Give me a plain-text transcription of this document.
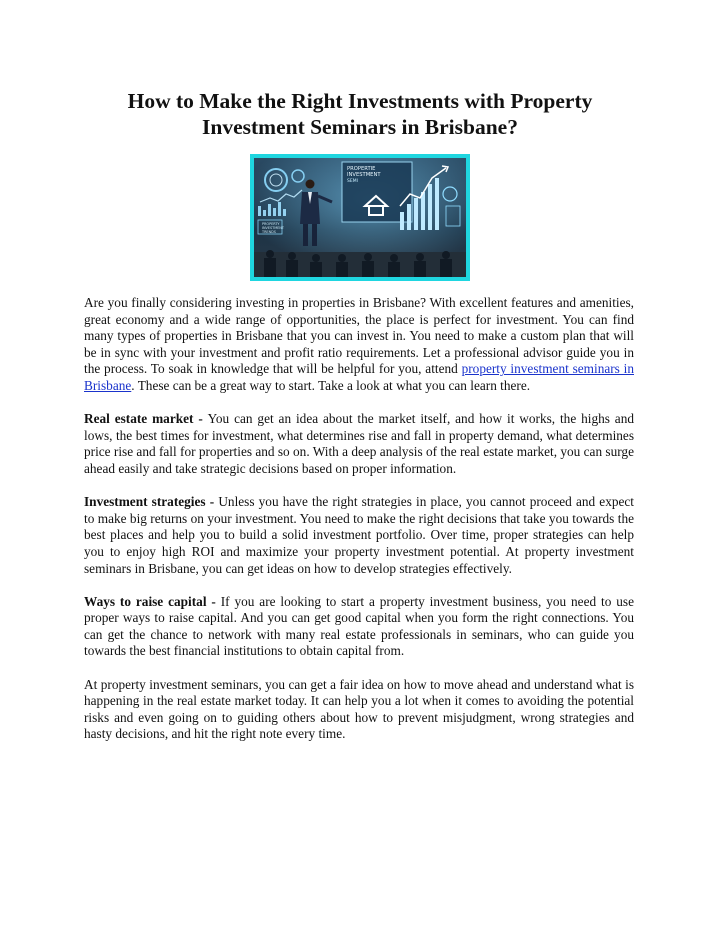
How to Make the Right Investments with Property
Investment Seminars in Brisbane?
PROPERTY
INVESTMENT
TRENDS
PROPERTIE
INVESTMENT
SEMI

Are you finally considering investing in properties in Brisbane? With excellent features and amenities, great economy and a wide range of opportunities, the place is perfect for investment. You can find many types of properties in Brisbane that you can invest in. You need to make a custom plan that will be in sync with your investment and profit ratio requirements. Let a professional advisor guide you in the process. To soak in knowledge that will be helpful for you, attend property investment seminars in Brisbane. These can be a great way to start. Take a look at what you can learn there.

Real estate market - You can get an idea about the market itself, and how it works, the highs and lows, the best times for investment, what determines rise and fall in property demand, what determines price rise and fall for properties and so on. With a deep analysis of the real estate market, you can surge ahead easily and take strategic decisions based on proper information.

Investment strategies - Unless you have the right strategies in place, you cannot proceed and expect to make big returns on your investment. You need to make the right decisions that take you towards the best places and help you to build a solid investment portfolio. Over time, proper strategies can help you to enjoy high ROI and maximize your property investment potential. At property investment seminars in Brisbane, you can get ideas on how to develop strategies effectively.

Ways to raise capital - If you are looking to start a property investment business, you need to use proper ways to raise capital. And you can get good capital when you form the right connections. You can get the chance to network with many real estate professionals in seminars, who can guide you towards the best financial institutions to obtain capital from.

At property investment seminars, you can get a fair idea on how to move ahead and understand what is happening in the real estate market today. It can help you a lot when it comes to avoiding the potential risks and even going on to guiding others about how to prevent misjudgment, wrong strategies and hasty decisions, and hit the right note every time.
